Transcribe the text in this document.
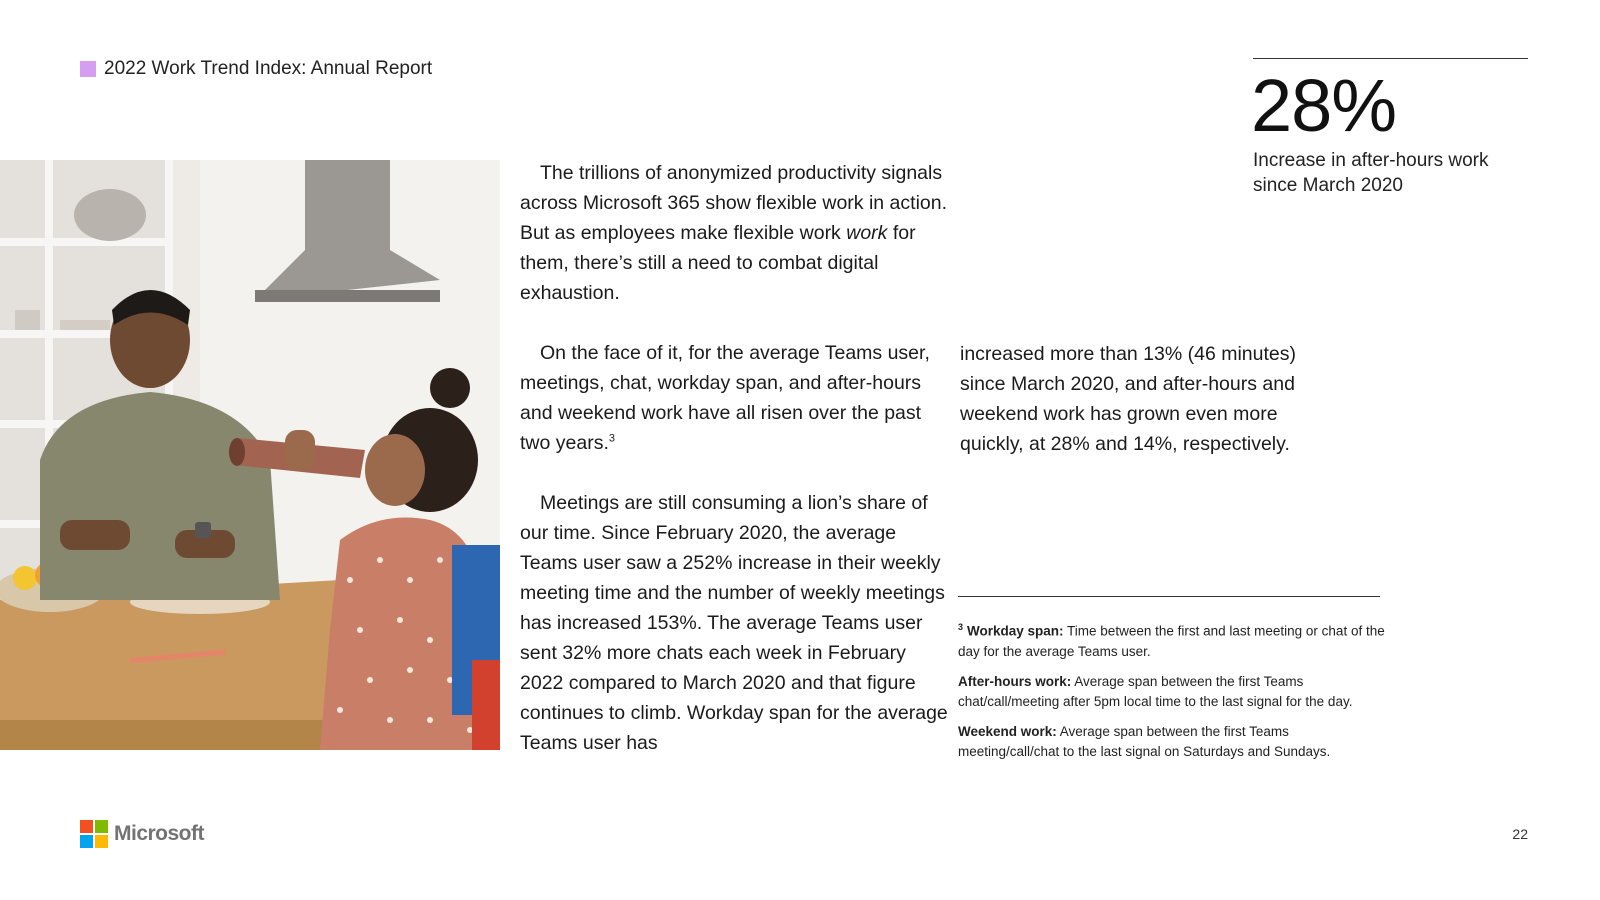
2022 Work Trend Index: Annual Report

The trillions of anonymized productivity signals across Microsoft 365 show flexible work in action. But as employees make flexible work work for them, there’s still a need to combat digital exhaustion.

On the face of it, for the average Teams user, meetings, chat, workday span, and after-hours and weekend work have all risen over the past two years.$^3$

Meetings are still consuming a lion’s share of our time. Since February 2020, the average Teams user saw a 252% increase in their weekly meeting time and the number of weekly meetings has increased 153%. The average Teams user sent 32% more chats each week in February 2022 compared to March 2020 and that figure continues to climb. Workday span for the average Teams user has

increased more than 13% (46 minutes) since March 2020, and after-hours and weekend work has grown even more quickly, at 28% and 14%, respectively.

28%
Increase in after-hours work since March 2020

$^3$ Workday span: Time between the first and last meeting or chat of the day for the average Teams user.

After-hours work: Average span between the first Teams chat/call/meeting after 5pm local time to the last signal for the day.

Weekend work: Average span between the first Teams meeting/call/chat to the last signal on Saturdays and Sundays.

Microsoft	22
